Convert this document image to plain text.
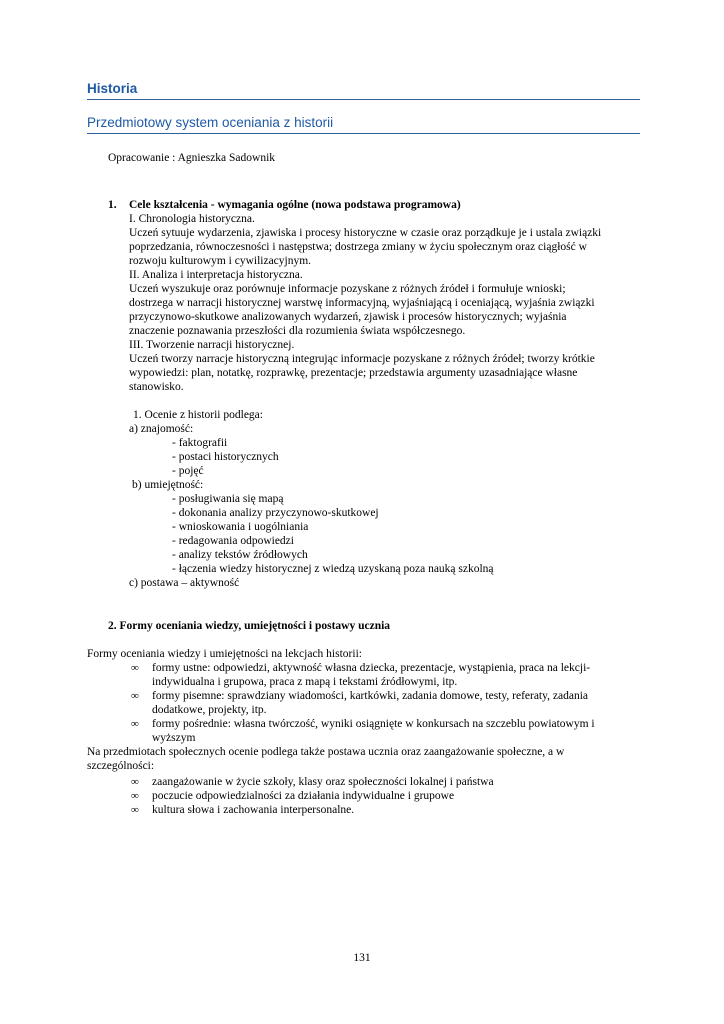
Historia
Przedmiotowy system oceniania z historii
Opracowanie : Agnieszka Sadownik
1. Cele kształcenia - wymagania ogólne (nowa podstawa programowa)
I. Chronologia historyczna.
Uczeń sytuuje wydarzenia, zjawiska i procesy historyczne w czasie oraz porządkuje je i ustala związki
poprzedzania, równoczesności i następstwa; dostrzega zmiany w życiu społecznym oraz ciągłość w
rozwoju kulturowym i cywilizacyjnym.
II. Analiza i interpretacja historyczna.
Uczeń wyszukuje oraz porównuje informacje pozyskane z różnych źródeł i formułuje wnioski;
dostrzega w narracji historycznej warstwę informacyjną, wyjaśniającą i oceniającą, wyjaśnia związki
przyczynowo-skutkowe analizowanych wydarzeń, zjawisk i procesów historycznych; wyjaśnia
znaczenie poznawania przeszłości dla rozumienia świata współczesnego.
III. Tworzenie narracji historycznej.
Uczeń tworzy narracje historyczną integrując informacje pozyskane z różnych źródeł; tworzy krótkie
wypowiedzi: plan, notatkę, rozprawkę, prezentacje; przedstawia argumenty uzasadniające własne
stanowisko.
1. Ocenie z historii podlega:
a) znajomość:
- faktografii
- postaci historycznych
- pojęć
b) umiejętność:
- posługiwania się mapą
- dokonania analizy przyczynowo-skutkowej
- wnioskowania i uogólniania
- redagowania odpowiedzi
- analizy tekstów źródłowych
- łączenia wiedzy historycznej z wiedzą uzyskaną poza nauką szkolną
c) postawa – aktywność
2. Formy oceniania wiedzy, umiejętności i postawy ucznia
Formy oceniania wiedzy i umiejętności na lekcjach historii:
∞ formy ustne: odpowiedzi, aktywność własna dziecka, prezentacje, wystąpienia, praca na lekcji-
indywidualna i grupowa, praca z mapą i tekstami źródłowymi, itp.
∞ formy pisemne: sprawdziany wiadomości, kartkówki, zadania domowe, testy, referaty, zadania
dodatkowe, projekty, itp.
∞ formy pośrednie: własna twórczość, wyniki osiągnięte w konkursach na szczeblu powiatowym i
wyższym
Na przedmiotach społecznych ocenie podlega także postawa ucznia oraz zaangażowanie społeczne, a w
szczególności:
∞ zaangażowanie w życie szkoły, klasy oraz społeczności lokalnej i państwa
∞ poczucie odpowiedzialności za działania indywidualne i grupowe
∞ kultura słowa i zachowania interpersonalne.
131
